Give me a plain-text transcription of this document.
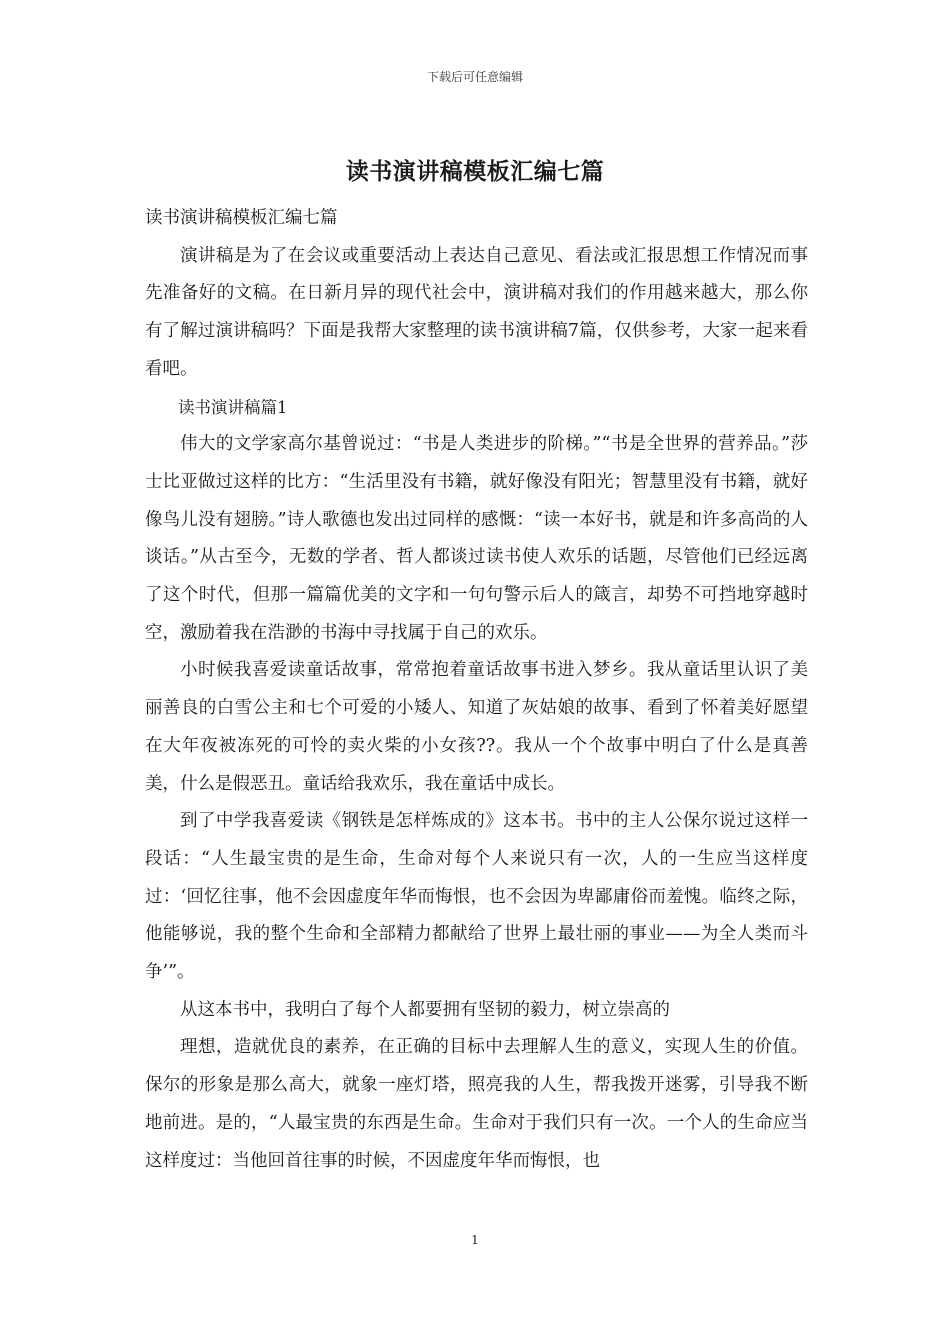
下载后可任意编辑
读书演讲稿模板汇编七篇

读书演讲稿模板汇编七篇

演讲稿是为了在会议或重要活动上表达自己意见、看法或汇报思想工作情况而事先准备好的文稿。在日新月异的现代社会中，演讲稿对我们的作用越来越大，那么你有了解过演讲稿吗？下面是我帮大家整理的读书演讲稿7篇，仅供参考，大家一起来看看吧。

读书演讲稿篇1

伟大的文学家高尔基曾说过：“书是人类进步的阶梯。”“书是全世界的营养品。”莎士比亚做过这样的比方：“生活里没有书籍，就好像没有阳光；智慧里没有书籍，就好像鸟儿没有翅膀。”诗人歌德也发出过同样的感慨：“读一本好书，就是和许多高尚的人谈话。”从古至今，无数的学者、哲人都谈过读书使人欢乐的话题，尽管他们已经远离了这个时代，但那一篇篇优美的文字和一句句警示后人的箴言，却势不可挡地穿越时空，激励着我在浩渺的书海中寻找属于自己的欢乐。

小时候我喜爱读童话故事，常常抱着童话故事书进入梦乡。我从童话里认识了美丽善良的白雪公主和七个可爱的小矮人、知道了灰姑娘的故事、看到了怀着美好愿望在大年夜被冻死的可怜的卖火柴的小女孩??。我从一个个故事中明白了什么是真善美，什么是假恶丑。童话给我欢乐，我在童话中成长。

到了中学我喜爱读《钢铁是怎样炼成的》这本书。书中的主人公保尔说过这样一段话：“人生最宝贵的是生命，生命对每个人来说只有一次，人的一生应当这样度过：‘回忆往事，他不会因虚度年华而悔恨，也不会因为卑鄙庸俗而羞愧。临终之际，他能够说，我的整个生命和全部精力都献给了世界上最壮丽的事业——为全人类而斗争’”。

从这本书中，我明白了每个人都要拥有坚韧的毅力，树立崇高的

理想，造就优良的素养，在正确的目标中去理解人生的意义，实现人生的价值。保尔的形象是那么高大，就象一座灯塔，照亮我的人生，帮我拨开迷雾，引导我不断地前进。是的，“人最宝贵的东西是生命。生命对于我们只有一次。一个人的生命应当这样度过：当他回首往事的时候，不因虚度年华而悔恨，也

1
